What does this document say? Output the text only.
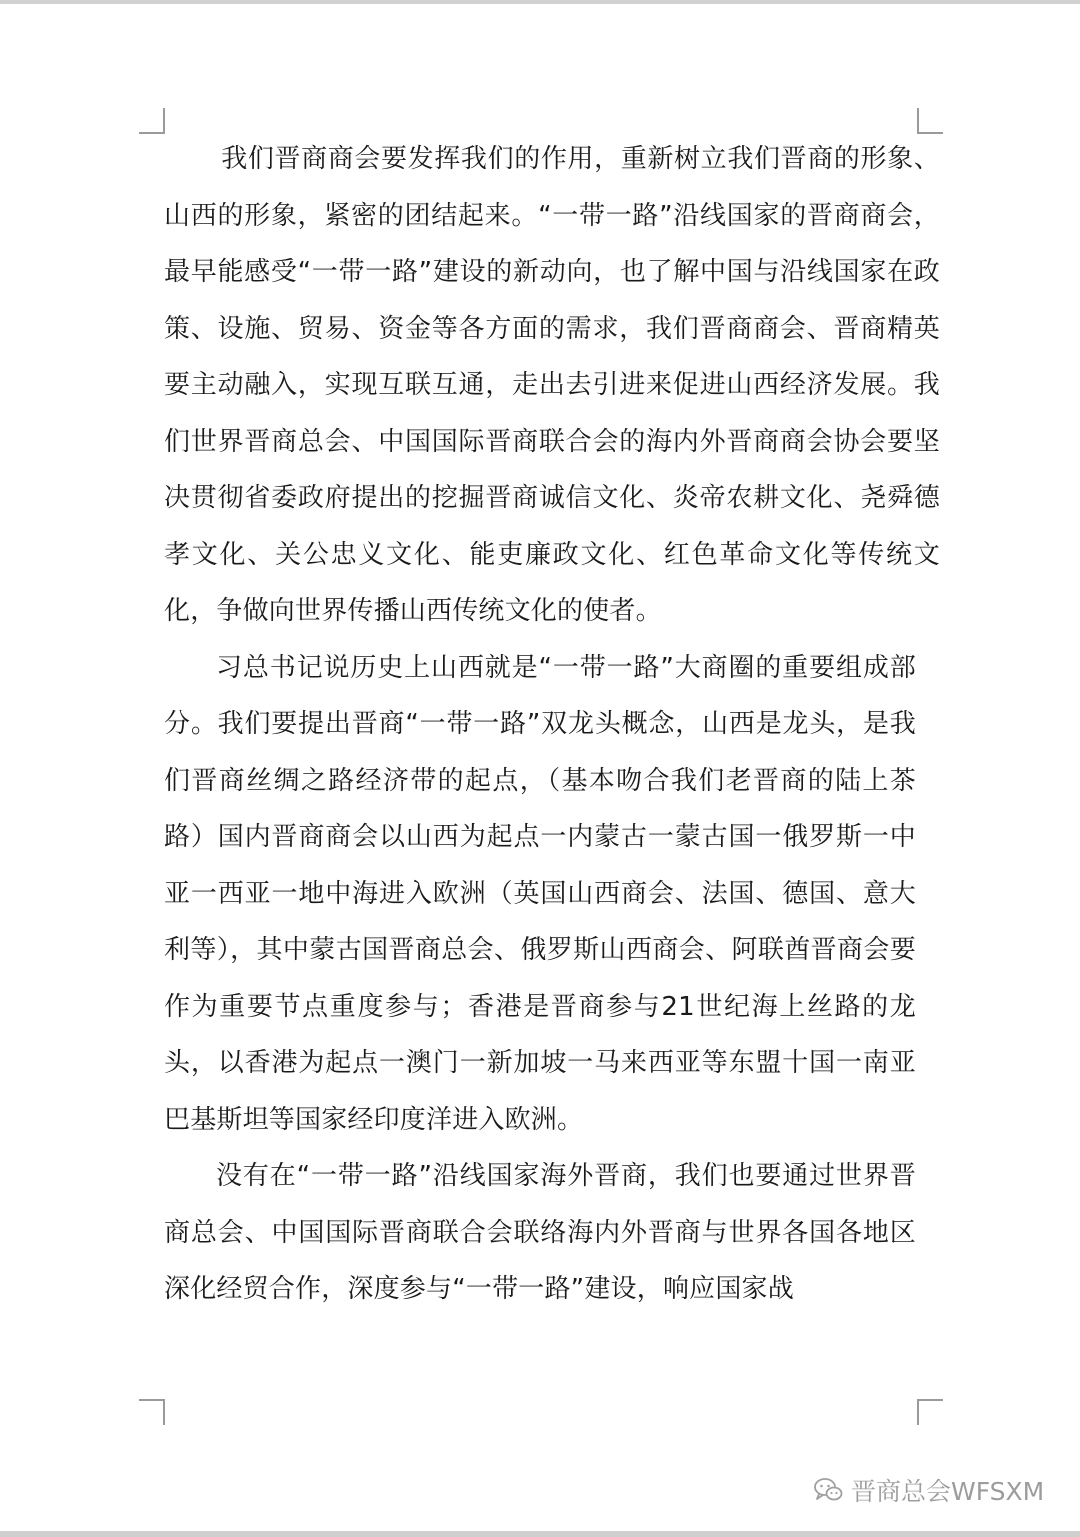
我们晋商商会要发挥我们的作用，重新树立我们晋商的形象、山西的形象，紧密的团结起来。“一带一路”沿线国家的晋商商会，最早能感受“一带一路”建设的新动向，也了解中国与沿线国家在政策、设施、贸易、资金等各方面的需求，我们晋商商会、晋商精英要主动融入，实现互联互通，走出去引进来促进山西经济发展。我们世界晋商总会、中国国际晋商联合会的海内外晋商商会协会要坚决贯彻省委政府提出的挖掘晋商诚信文化、炎帝农耕文化、尧舜德孝文化、关公忠义文化、能吏廉政文化、红色革命文化等传统文化，争做向世界传播山西传统文化的使者。

习总书记说历史上山西就是“一带一路”大商圈的重要组成部分。我们要提出晋商“一带一路”双龙头概念，山西是龙头，是我们晋商丝绸之路经济带的起点，（基本吻合我们老晋商的陆上茶路）国内晋商商会以山西为起点一内蒙古一蒙古国一俄罗斯一中亚一西亚一地中海进入欧洲（英国山西商会、法国、德国、意大利等），其中蒙古国晋商总会、俄罗斯山西商会、阿联酋晋商会要作为重要节点重度参与；香港是晋商参与21世纪海上丝路的龙头，以香港为起点一澳门一新加坡一马来西亚等东盟十国一南亚巴基斯坦等国家经印度洋进入欧洲。

没有在“一带一路”沿线国家海外晋商，我们也要通过世界晋商总会、中国国际晋商联合会联络海内外晋商与世界各国各地区深化经贸合作，深度参与“一带一路”建设，响应国家战

晋商总会WFSXM
